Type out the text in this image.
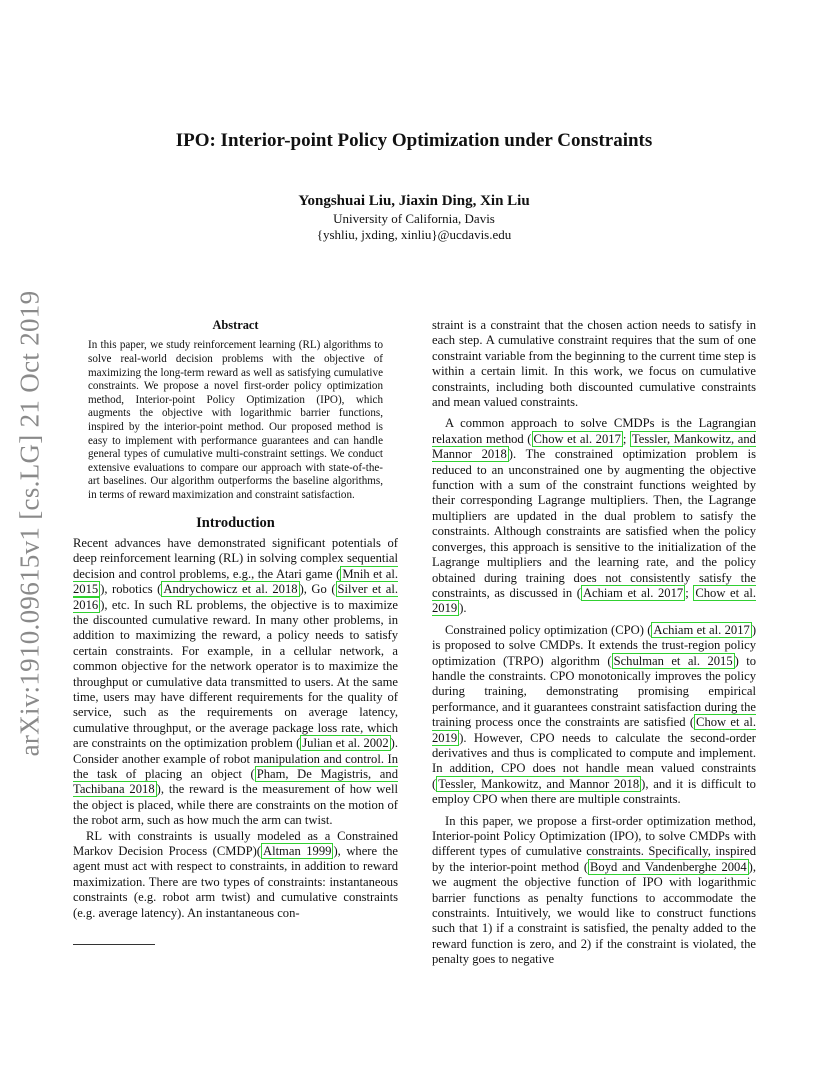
arXiv:1910.09615v1 [cs.LG] 21 Oct 2019
IPO: Interior-point Policy Optimization under Constraints
Yongshuai Liu, Jiaxin Ding, Xin Liu
University of California, Davis
{yshliu, jxding, xinliu}@ucdavis.edu
Abstract

In this paper, we study reinforcement learning (RL) algorithms to solve real-world decision problems with the objective of maximizing the long-term reward as well as satisfying cumulative constraints. We propose a novel first-order policy optimization method, Interior-point Policy Optimization (IPO), which augments the objective with logarithmic barrier functions, inspired by the interior-point method. Our proposed method is easy to implement with performance guarantees and can handle general types of cumulative multi-constraint settings. We conduct extensive evaluations to compare our approach with state-of-the-art baselines. Our algorithm outperforms the baseline algorithms, in terms of reward maximization and constraint satisfaction.

Introduction

Recent advances have demonstrated significant potentials of deep reinforcement learning (RL) in solving complex sequential decision and control problems, e.g., the Atari game ( Mnih et al. 2015 ), robotics ( Andrychowicz et al. 2018 ), Go ( Silver et al. 2016 ), etc. In such RL problems, the objective is to maximize the discounted cumulative reward. In many other problems, in addition to maximizing the reward, a policy needs to satisfy certain constraints. For example, in a cellular network, a common objective for the network operator is to maximize the throughput or cumulative data transmitted to users. At the same time, users may have different requirements for the quality of service, such as the requirements on average latency, cumulative throughput, or the average package loss rate, which are constraints on the optimization problem ( Julian et al. 2002 ). Consider another example of robot manipulation and control. In the task of placing an object ( Pham, De Magistris, and Tachibana 2018 ), the reward is the measurement of how well the object is placed, while there are constraints on the motion of the robot arm, such as how much the arm can twist.

RL with constraints is usually modeled as a Constrained Markov Decision Process (CMDP)( Altman 1999 ), where the agent must act with respect to constraints, in addition to reward maximization. There are two types of constraints: instantaneous constraints (e.g. robot arm twist) and cumulative constraints (e.g. average latency). An instantaneous con-

straint is a constraint that the chosen action needs to satisfy in each step. A cumulative constraint requires that the sum of one constraint variable from the beginning to the current time step is within a certain limit. In this work, we focus on cumulative constraints, including both discounted cumulative constraints and mean valued constraints.

A common approach to solve CMDPs is the Lagrangian relaxation method ( Chow et al. 2017 ; Tessler, Mankowitz, and Mannor 2018 ). The constrained optimization problem is reduced to an unconstrained one by augmenting the objective function with a sum of the constraint functions weighted by their corresponding Lagrange multipliers. Then, the Lagrange multipliers are updated in the dual problem to satisfy the constraints. Although constraints are satisfied when the policy converges, this approach is sensitive to the initialization of the Lagrange multipliers and the learning rate, and the policy obtained during training does not consistently satisfy the constraints, as discussed in ( Achiam et al. 2017 ; Chow et al. 2019 ).

Constrained policy optimization (CPO) ( Achiam et al. 2017 ) is proposed to solve CMDPs. It extends the trust-region policy optimization (TRPO) algorithm ( Schulman et al. 2015 ) to handle the constraints. CPO monotonically improves the policy during training, demonstrating promising empirical performance, and it guarantees constraint satisfaction during the training process once the constraints are satisfied ( Chow et al. 2019 ). However, CPO needs to calculate the second-order derivatives and thus is complicated to compute and implement. In addition, CPO does not handle mean valued constraints ( Tessler, Mankowitz, and Mannor 2018 ), and it is difficult to employ CPO when there are multiple constraints.

In this paper, we propose a first-order optimization method, Interior-point Policy Optimization (IPO), to solve CMDPs with different types of cumulative constraints. Specifically, inspired by the interior-point method ( Boyd and Vandenberghe 2004 ), we augment the objective function of IPO with logarithmic barrier functions as penalty functions to accommodate the constraints. Intuitively, we would like to construct functions such that 1) if a constraint is satisfied, the penalty added to the reward function is zero, and 2) if the constraint is violated, the penalty goes to negative
